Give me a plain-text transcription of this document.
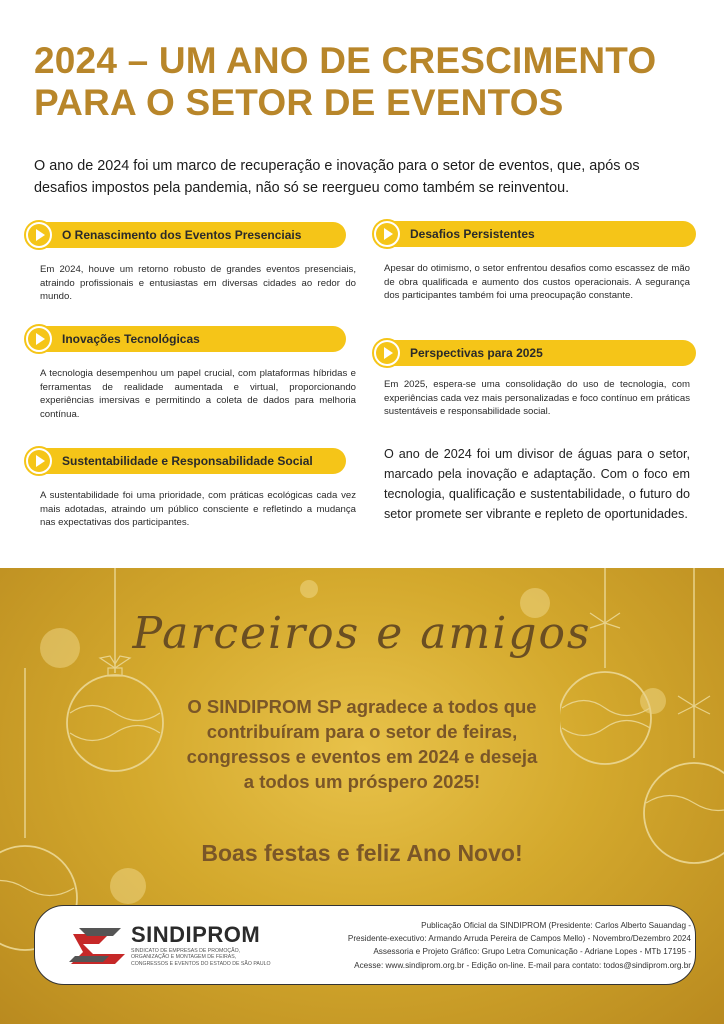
2024 – UM ANO DE CRESCIMENTO
PARA O SETOR DE EVENTOS

O ano de 2024 foi um marco de recuperação e inovação para o setor de eventos, que, após os desafios impostos pela pandemia, não só se reergueu como também se reinventou.

O Renascimento dos Eventos Presenciais

Em 2024, houve um retorno robusto de grandes eventos presenciais, atraindo profissionais e entusiastas em diversas cidades ao redor do mundo.

Inovações Tecnológicas

A tecnologia desempenhou um papel crucial, com plataformas híbridas e ferramentas de realidade aumentada e virtual, proporcionando experiências imersivas e permitindo a coleta de dados para melhoria contínua.

Sustentabilidade e Responsabilidade Social

A sustentabilidade foi uma prioridade, com práticas ecológicas cada vez mais adotadas, atraindo um público consciente e refletindo a mudança nas expectativas dos participantes.

Desafios Persistentes

Apesar do otimismo, o setor enfrentou desafios como escassez de mão de obra qualificada e aumento dos custos operacionais. A segurança dos participantes também foi uma preocupação constante.

Perspectivas para 2025

Em 2025, espera-se uma consolidação do uso de tecnologia, com experiências cada vez mais personalizadas e foco contínuo em práticas sustentáveis e responsabilidade social.

O ano de 2024 foi um divisor de águas para o setor, marcado pela inovação e adaptação. Com o foco em tecnologia, qualificação e sustentabilidade, o futuro do setor promete ser vibrante e repleto de oportunidades.

Parceiros e amigos
O SINDIPROM SP agradece a todos que
contribuíram para o setor de feiras,
congressos e eventos em 2024 e deseja
a todos um próspero 2025!
Boas festas e feliz Ano Novo!
SINDIPROM
SINDICATO DE EMPRESAS DE PROMOÇÃO, ORGANIZAÇÃO E MONTAGEM DE FEIRAS, CONGRESSOS E EVENTOS DO ESTADO DE SÃO PAULO
Publicação Oficial da SINDIPROM (Presidente: Carlos Alberto Sauandag -
Presidente-executivo: Armando Arruda Pereira de Campos Mello) - Novembro/Dezembro 2024
Assessoria e Projeto Gráfico: Grupo Letra Comunicação - Adriane Lopes - MTb 17195 -
Acesse: www.sindiprom.org.br - Edição on-line. E-mail para contato: todos@sindiprom.org.br
